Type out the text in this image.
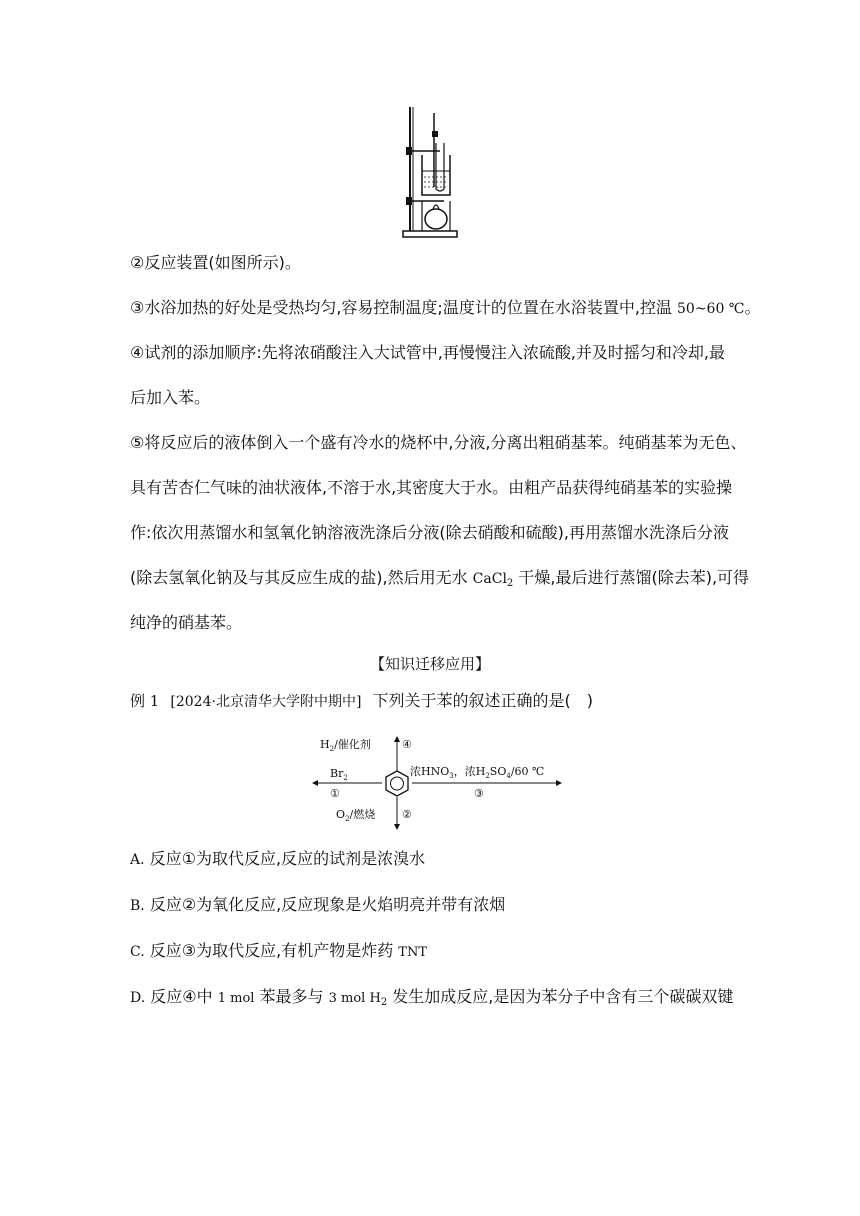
②反应装置(如图所示)。
③水浴加热的好处是受热均匀,容易控制温度;温度计的位置在水浴装置中,控温 50~60 ℃。
④试剂的添加顺序:先将浓硝酸注入大试管中,再慢慢注入浓硫酸,并及时摇匀和冷却,最
后加入苯。
⑤将反应后的液体倒入一个盛有冷水的烧杯中,分液,分离出粗硝基苯。纯硝基苯为无色、
具有苦杏仁气味的油状液体,不溶于水,其密度大于水。由粗产品获得纯硝基苯的实验操
作:依次用蒸馏水和氢氧化钠溶液洗涤后分液(除去硝酸和硫酸),再用蒸馏水洗涤后分液
(除去氢氧化钠及与其反应生成的盐),然后用无水 CaCl2 干燥,最后进行蒸馏(除去苯),可得
纯净的硝基苯。
【知识迁移应用】
例 1 [2024·北京清华大学附中期中] 下列关于苯的叙述正确的是(　)
$H_2/$催化剂	④
$Br_2$
①
浓$HNO_3$，浓$H_2SO_4/60$ ℃
③
$O_2/$燃烧 ②
A. 反应①为取代反应,反应的试剂是浓溴水
B. 反应②为氧化反应,反应现象是火焰明亮并带有浓烟
C. 反应③为取代反应,有机产物是炸药 TNT
D. 反应④中 1 mol 苯最多与 3 mol H2 发生加成反应,是因为苯分子中含有三个碳碳双键
